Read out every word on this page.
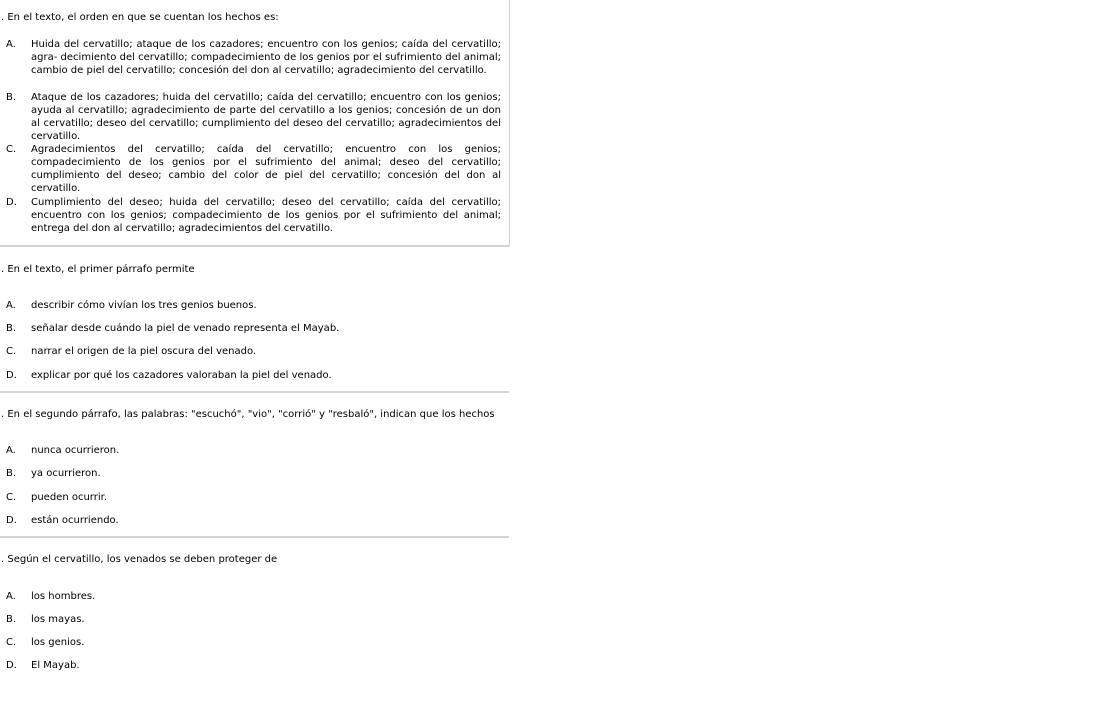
. En el texto, el orden en que se cuentan los hechos es:
A.	Huida del cervatillo; ataque de los cazadores; encuentro con los genios; caída del cervatillo; agra- decimiento del cervatillo; compadecimiento de los genios por el sufrimiento del animal; cambio de piel del cervatillo; concesión del don al cervatillo; agradecimiento del cervatillo.
B.	Ataque de los cazadores; huida del cervatillo; caída del cervatillo; encuentro con los genios; ayuda al cervatillo; agradecimiento de parte del cervatillo a los genios; concesión de un don al cervatillo; deseo del cervatillo; cumplimiento del deseo del cervatillo; agradecimientos del cervatillo.
C.	Agradecimientos del cervatillo; caída del cervatillo; encuentro con los genios; compadecimiento de los genios por el sufrimiento del animal; deseo del cervatillo; cumplimiento del deseo; cambio del color de piel del cervatillo; concesión del don al cervatillo.
D.	Cumplimiento del deseo; huida del cervatillo; deseo del cervatillo; caída del cervatillo; encuentro con los genios; compadecimiento de los genios por el sufrimiento del animal; entrega del don al cervatillo; agradecimientos del cervatillo.
. En el texto, el primer párrafo permite
A.	describir cómo vivían los tres genios buenos.
B.	señalar desde cuándo la piel de venado representa el Mayab.
C.	narrar el origen de la piel oscura del venado.
D.	explicar por qué los cazadores valoraban la piel del venado.
. En el segundo párrafo, las palabras: "escuchó", "vio", "corrió" y "resbaló", indican que los hechos
A.	nunca ocurrieron.
B.	ya ocurrieron.
C.	pueden ocurrir.
D.	están ocurriendo.
. Según el cervatillo, los venados se deben proteger de
A.	los hombres.
B.	los mayas.
C.	los genios.
D.	El Mayab.
